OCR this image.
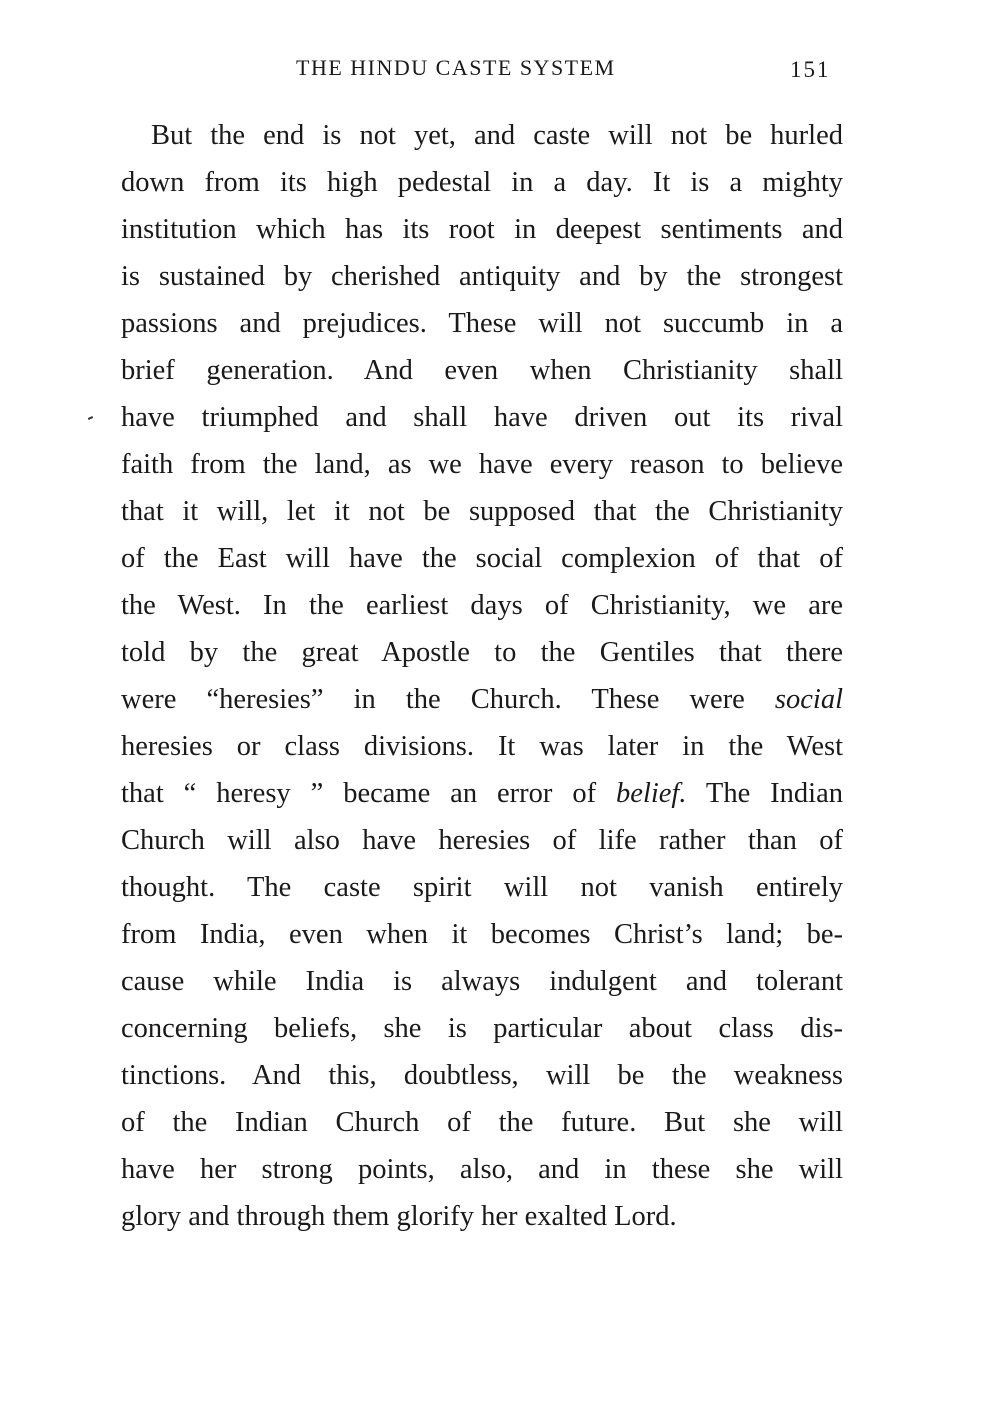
THE HINDU CASTE SYSTEM	151
But the end is not yet, and caste will not be hurled
down from its high pedestal in a day. It is a mighty
institution which has its root in deepest sentiments and
is sustained by cherished antiquity and by the strongest
passions and prejudices. These will not succumb in a
brief generation. And even when Christianity shall
have triumphed and shall have driven out its rival
faith from the land, as we have every reason to believe
that it will, let it not be supposed that the Christianity
of the East will have the social complexion of that of
the West. In the earliest days of Christianity, we are
told by the great Apostle to the Gentiles that there
were “heresies” in the Church. These were social
heresies or class divisions. It was later in the West
that “ heresy ” became an error of belief. The Indian
Church will also have heresies of life rather than of
thought. The caste spirit will not vanish entirely
from India, even when it becomes Christ’s land; be-
cause while India is always indulgent and tolerant
concerning beliefs, she is particular about class dis-
tinctions. And this, doubtless, will be the weakness
of the Indian Church of the future. But she will
have her strong points, also, and in these she will
glory and through them glorify her exalted Lord.
